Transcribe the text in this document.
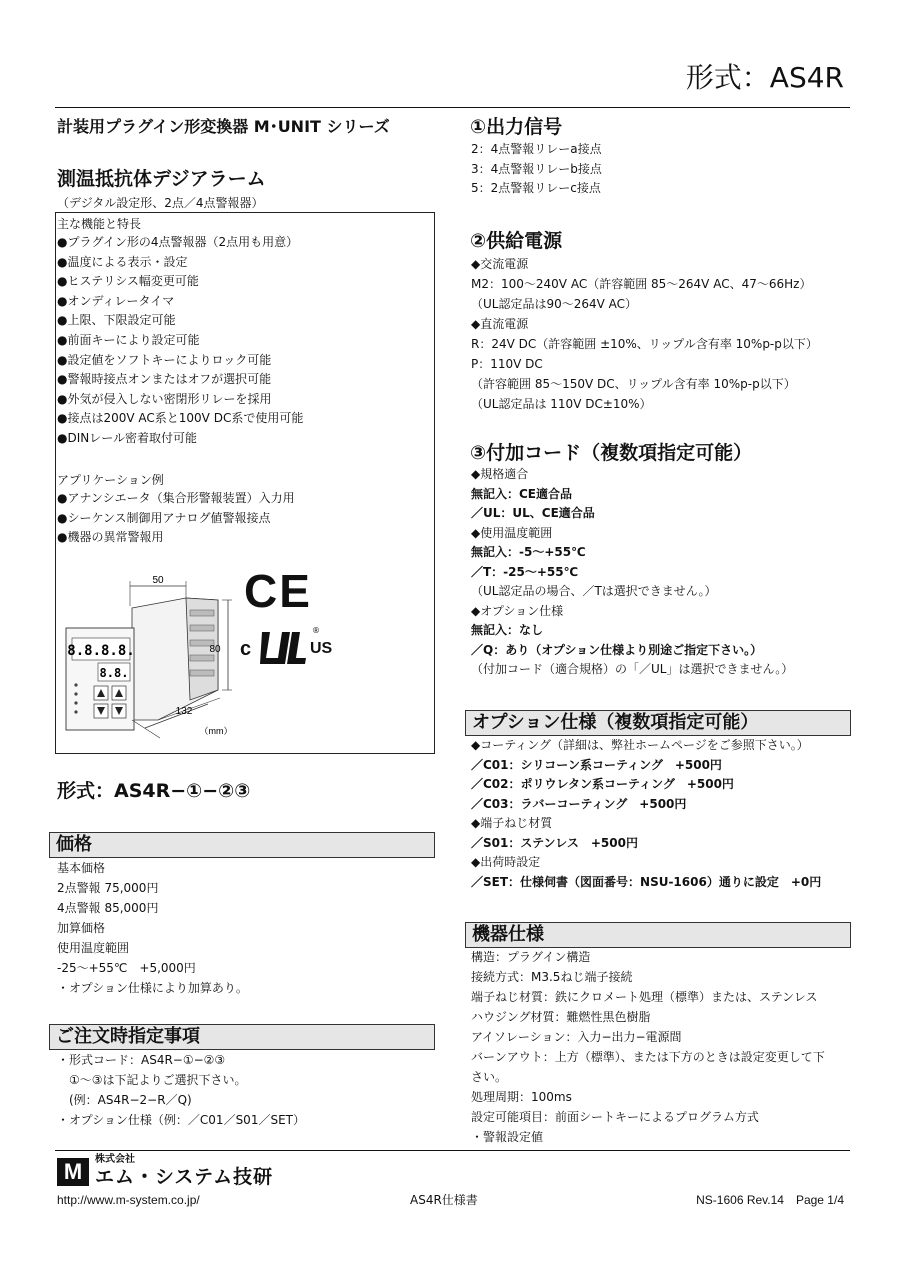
形式：AS4R
計装用プラグイン形変換器 M･UNIT シリーズ
測温抵抗体デジアラーム
（デジタル設定形、2点／4点警報器）
主な機能と特長
●プラグイン形の4点警報器（2点用も用意）
●温度による表示・設定
●ヒステリシス幅変更可能
●オンディレータイマ
●上限、下限設定可能
●前面キーにより設定可能
●設定値をソフトキーによりロック可能
●警報時接点オンまたはオフが選択可能
●外気が侵入しない密閉形リレーを採用
●接点は200V AC系と100V DC系で使用可能
●DINレール密着取付可能
アプリケーション例
●アナンシエータ（集合形警報装置）入力用
●シーケンス制御用アナログ値警報接点
●機器の異常警報用
50
80
8.8.8.8.
8.8.
132
（mm）
CE
c	US
®
形式：AS4R−①−②③
価格
基本価格
2点警報 75,000円
4点警報 85,000円
加算価格
使用温度範囲
-25〜+55℃　+5,000円
・オプション仕様により加算あり。
ご注文時指定事項
・形式コード：AS4R−①−②③
　①〜③は下記よりご選択下さい。
　(例：AS4R−2−R／Q)
・オプション仕様（例：／C01／S01／SET）
①出力信号
2：4点警報リレーa接点
3：4点警報リレーb接点
5：2点警報リレーc接点
②供給電源
◆交流電源
M2：100〜240V AC（許容範囲 85〜264V AC、47〜66Hz）
（UL認定品は90〜264V AC）
◆直流電源
R：24V DC（許容範囲 ±10%、リップル含有率 10%p-p以下）
P：110V DC
（許容範囲 85〜150V DC、リップル含有率 10%p-p以下）
（UL認定品は 110V DC±10%）
③付加コード（複数項指定可能）
◆規格適合
無記入：CE適合品
／UL：UL、CE適合品
◆使用温度範囲
無記入：-5〜+55℃
／T：-25〜+55℃
（UL認定品の場合、／Tは選択できません。）
◆オプション仕様
無記入：なし
／Q：あり（オプション仕様より別途ご指定下さい。）
（付加コード（適合規格）の「／UL」は選択できません。）
オプション仕様（複数項指定可能）
◆コーティング（詳細は、弊社ホームページをご参照下さい。）
／C01：シリコーン系コーティング　+500円
／C02：ポリウレタン系コーティング　+500円
／C03：ラバーコーティング　+500円
◆端子ねじ材質
／S01：ステンレス　+500円
◆出荷時設定
／SET：仕様伺書（図面番号：NSU-1606）通りに設定　+0円
機器仕様
構造：プラグイン構造
接続方式：M3.5ねじ端子接続
端子ねじ材質：鉄にクロメート処理（標準）または、ステンレス
ハウジング材質：難燃性黒色樹脂
アイソレーション：入力−出力−電源間
バーンアウト：上方（標準）、または下方のときは設定変更して下
さい。
処理周期：100ms
設定可能項目：前面シートキーによるプログラム方式
・警報設定値
M	株式会社
エム・システム技研
http://www.m-system.co.jp/	AS4R仕様書	NS-1606 Rev.14　Page 1/4
